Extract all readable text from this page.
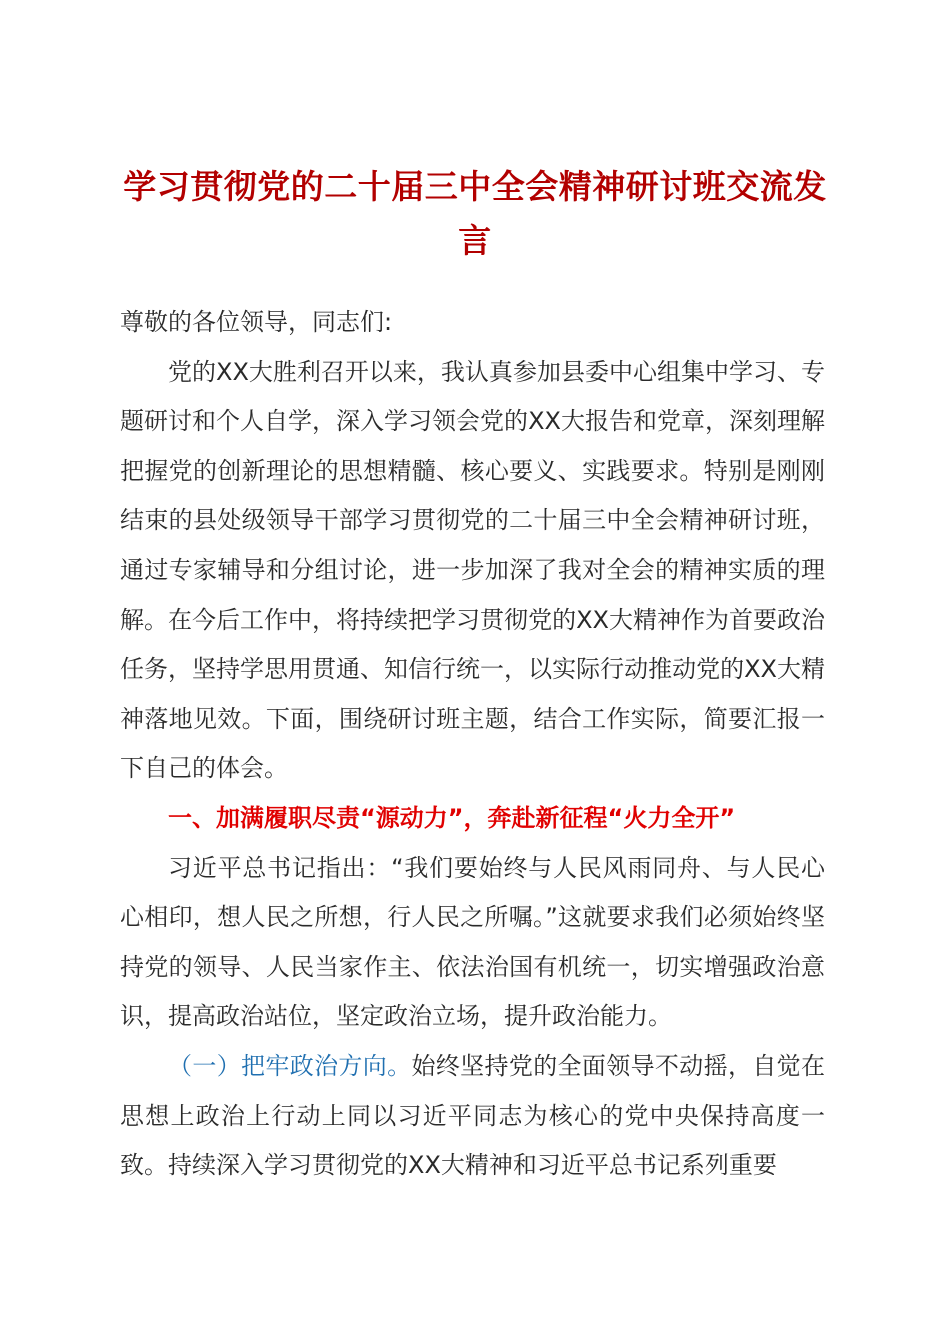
学习贯彻党的二十届三中全会精神研讨班交流发言

尊敬的各位领导，同志们:

党的XX大胜利召开以来，我认真参加县委中心组集中学习、专题研讨和个人自学，深入学习领会党的XX大报告和党章，深刻理解把握党的创新理论的思想精髓、核心要义、实践要求。特别是刚刚结束的县处级领导干部学习贯彻党的二十届三中全会精神研讨班，通过专家辅导和分组讨论，进一步加深了我对全会的精神实质的理解。在今后工作中，将持续把学习贯彻党的XX大精神作为首要政治任务，坚持学思用贯通、知信行统一，以实际行动推动党的XX大精神落地见效。下面，围绕研讨班主题，结合工作实际，简要汇报一下自己的体会。

一、加满履职尽责“源动力”，奔赴新征程“火力全开”

习近平总书记指出：“我们要始终与人民风雨同舟、与人民心心相印，想人民之所想，行人民之所嘱。”这就要求我们必须始终坚持党的领导、人民当家作主、依法治国有机统一，切实增强政治意识，提高政治站位，坚定政治立场，提升政治能力。

（一）把牢政治方向。始终坚持党的全面领导不动摇，自觉在思想上政治上行动上同以习近平同志为核心的党中央保持高度一致。持续深入学习贯彻党的XX大精神和习近平总书记系列重要
